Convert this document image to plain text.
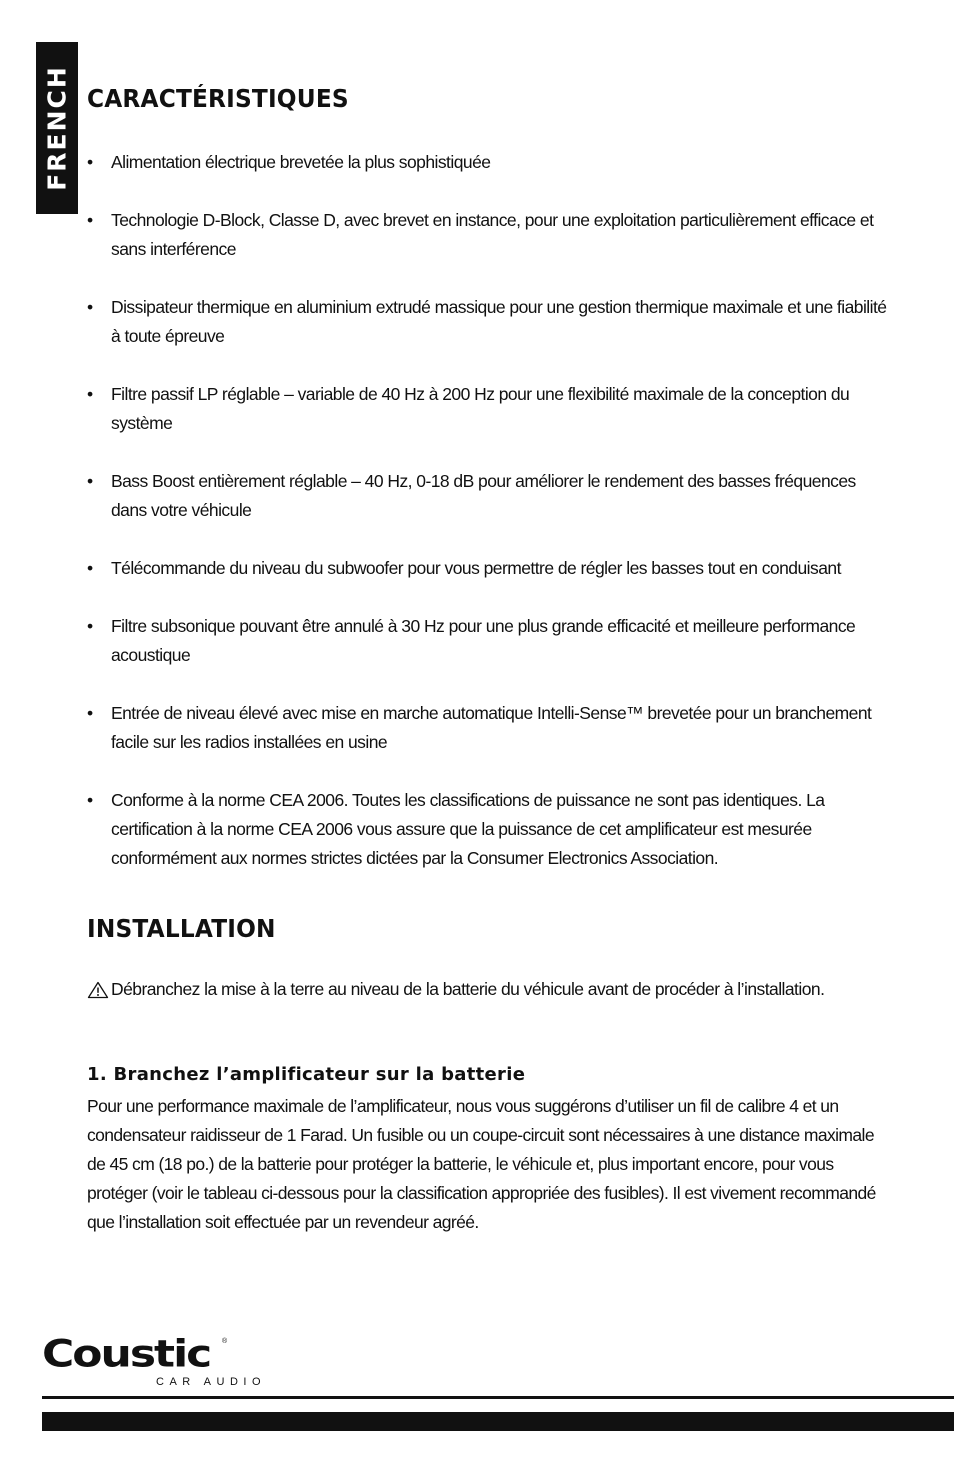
FRENCH CARACTÉRISTIQUES
•	Alimentation électrique brevetée la plus sophistiquée
•	Technologie D-Block, Classe D, avec brevet en instance, pour une exploitation particulièrement efficace et sans interférence
•	Dissipateur thermique en aluminium extrudé massique pour une gestion thermique maximale et une fiabilité à toute épreuve
•	Filtre passif LP réglable – variable de 40 Hz à 200 Hz pour une flexibilité maximale de la conception du système
•	Bass Boost entièrement réglable – 40 Hz, 0-18 dB pour améliorer le rendement des basses fréquences dans votre véhicule
•	Télécommande du niveau du subwoofer pour vous permettre de régler les basses tout en conduisant
•	Filtre subsonique pouvant être annulé à 30 Hz pour une plus grande efficacité et meilleure performance acoustique
•	Entrée de niveau élevé avec mise en marche automatique Intelli-Sense™ brevetée pour un branchement facile sur les radios installées en usine
•	Conforme à la norme CEA 2006. Toutes les classifications de puissance ne sont pas identiques. La certification à la norme CEA 2006 vous assure que la puissance de cet amplificateur est mesurée conformément aux normes strictes dictées par la Consumer Electronics Association.
INSTALLATION
Débranchez la mise à la terre au niveau de la batterie du véhicule avant de procéder à l’installation.
1. Branchez l’amplificateur sur la batterie

Pour une performance maximale de l’amplificateur, nous vous suggérons d’utiliser un fil de calibre 4 et un condensateur raidisseur de 1 Farad. Un fusible ou un coupe-circuit sont nécessaires à une distance maximale de 45 cm (18 po.) de la batterie pour protéger la batterie, le véhicule et, plus important encore, pour vous protéger (voir le tableau ci-dessous pour la classification appropriée des fusibles). Il est vivement recommandé que l’installation soit effectuée par un revendeur agréé.

Coustic ®
CAR AUDIO
